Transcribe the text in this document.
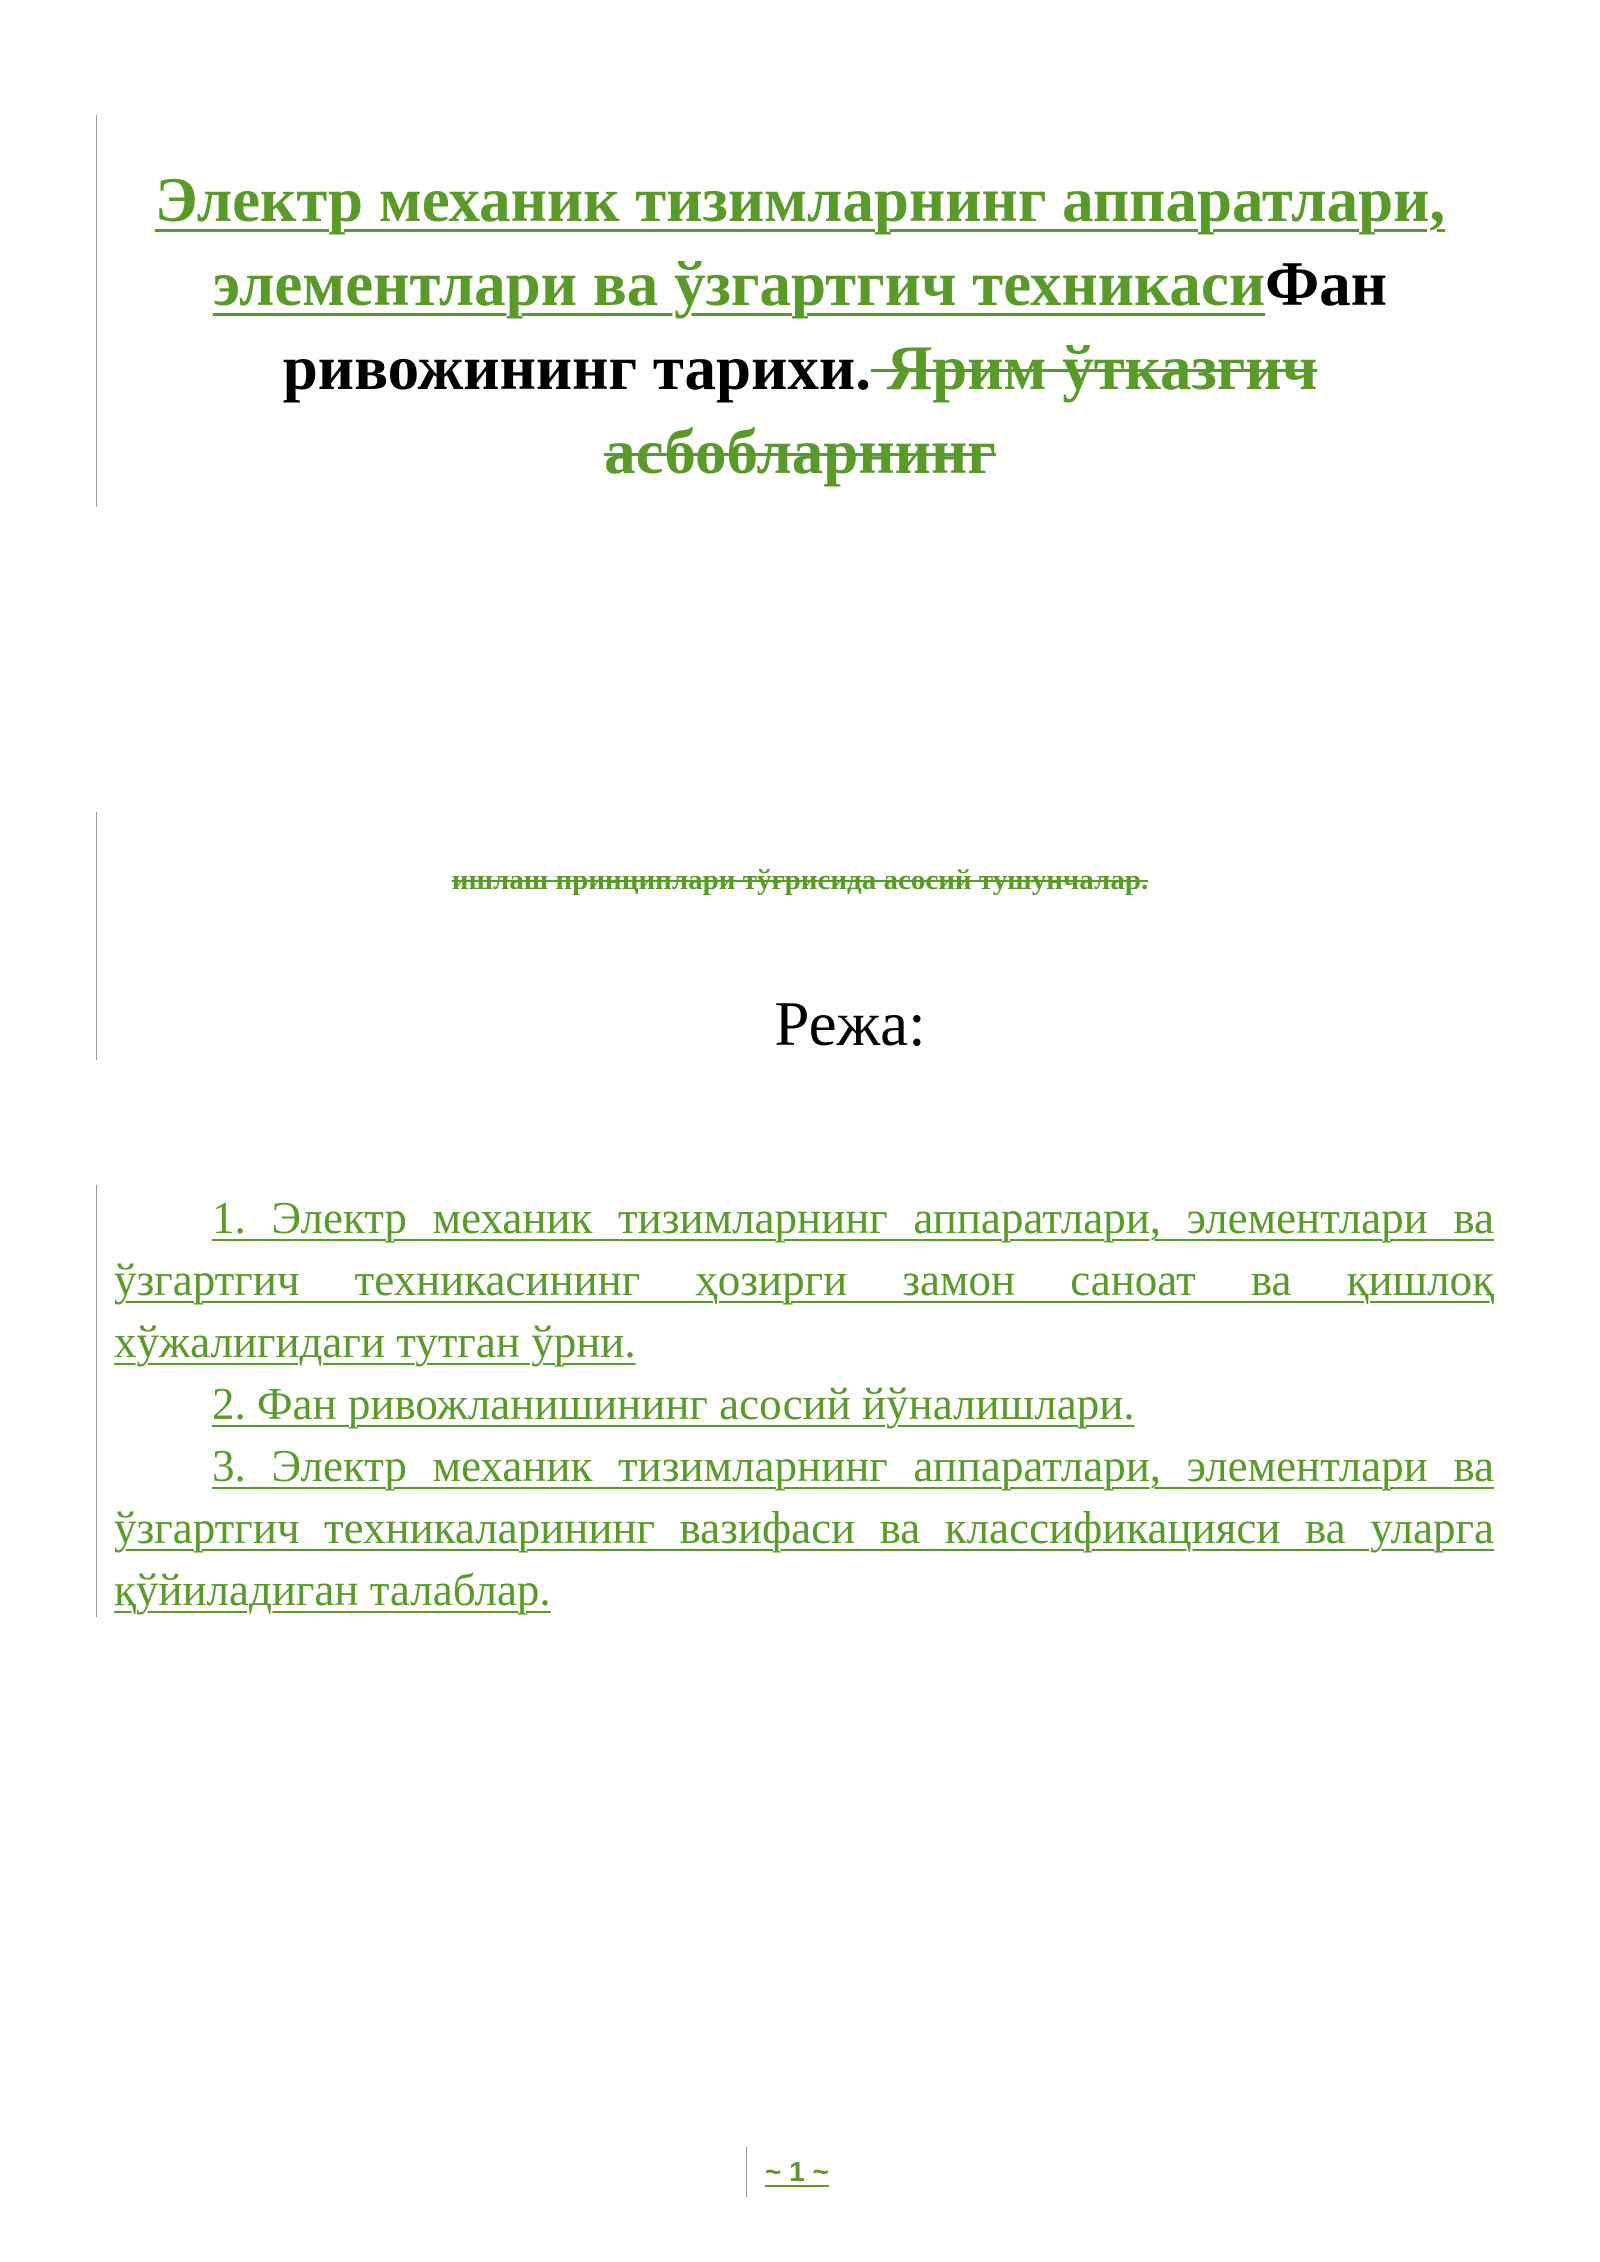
Электр механик тизимларнинг аппаратлари, элементлари ва ўзгартгич техникасиФан ривожининг тарихи. Ярим ўтказгич асбобларнинг
ишлаш принциплари тўғрисида асосий тушунчалар.
Режа:

1. Электр механик тизимларнинг аппаратлари, элементлари ва ўзгартгич техникасининг ҳозирги замон саноат ва қишлоқ хўжалигидаги тутган ўрни.

2. Фан ривожланишининг асосий йўналишлари.

3. Электр механик тизимларнинг аппаратлари, элементлари ва ўзгартгич техникаларининг вазифаси ва классификацияси ва уларга қўйиладиган талаблар.

~ 1 ~
